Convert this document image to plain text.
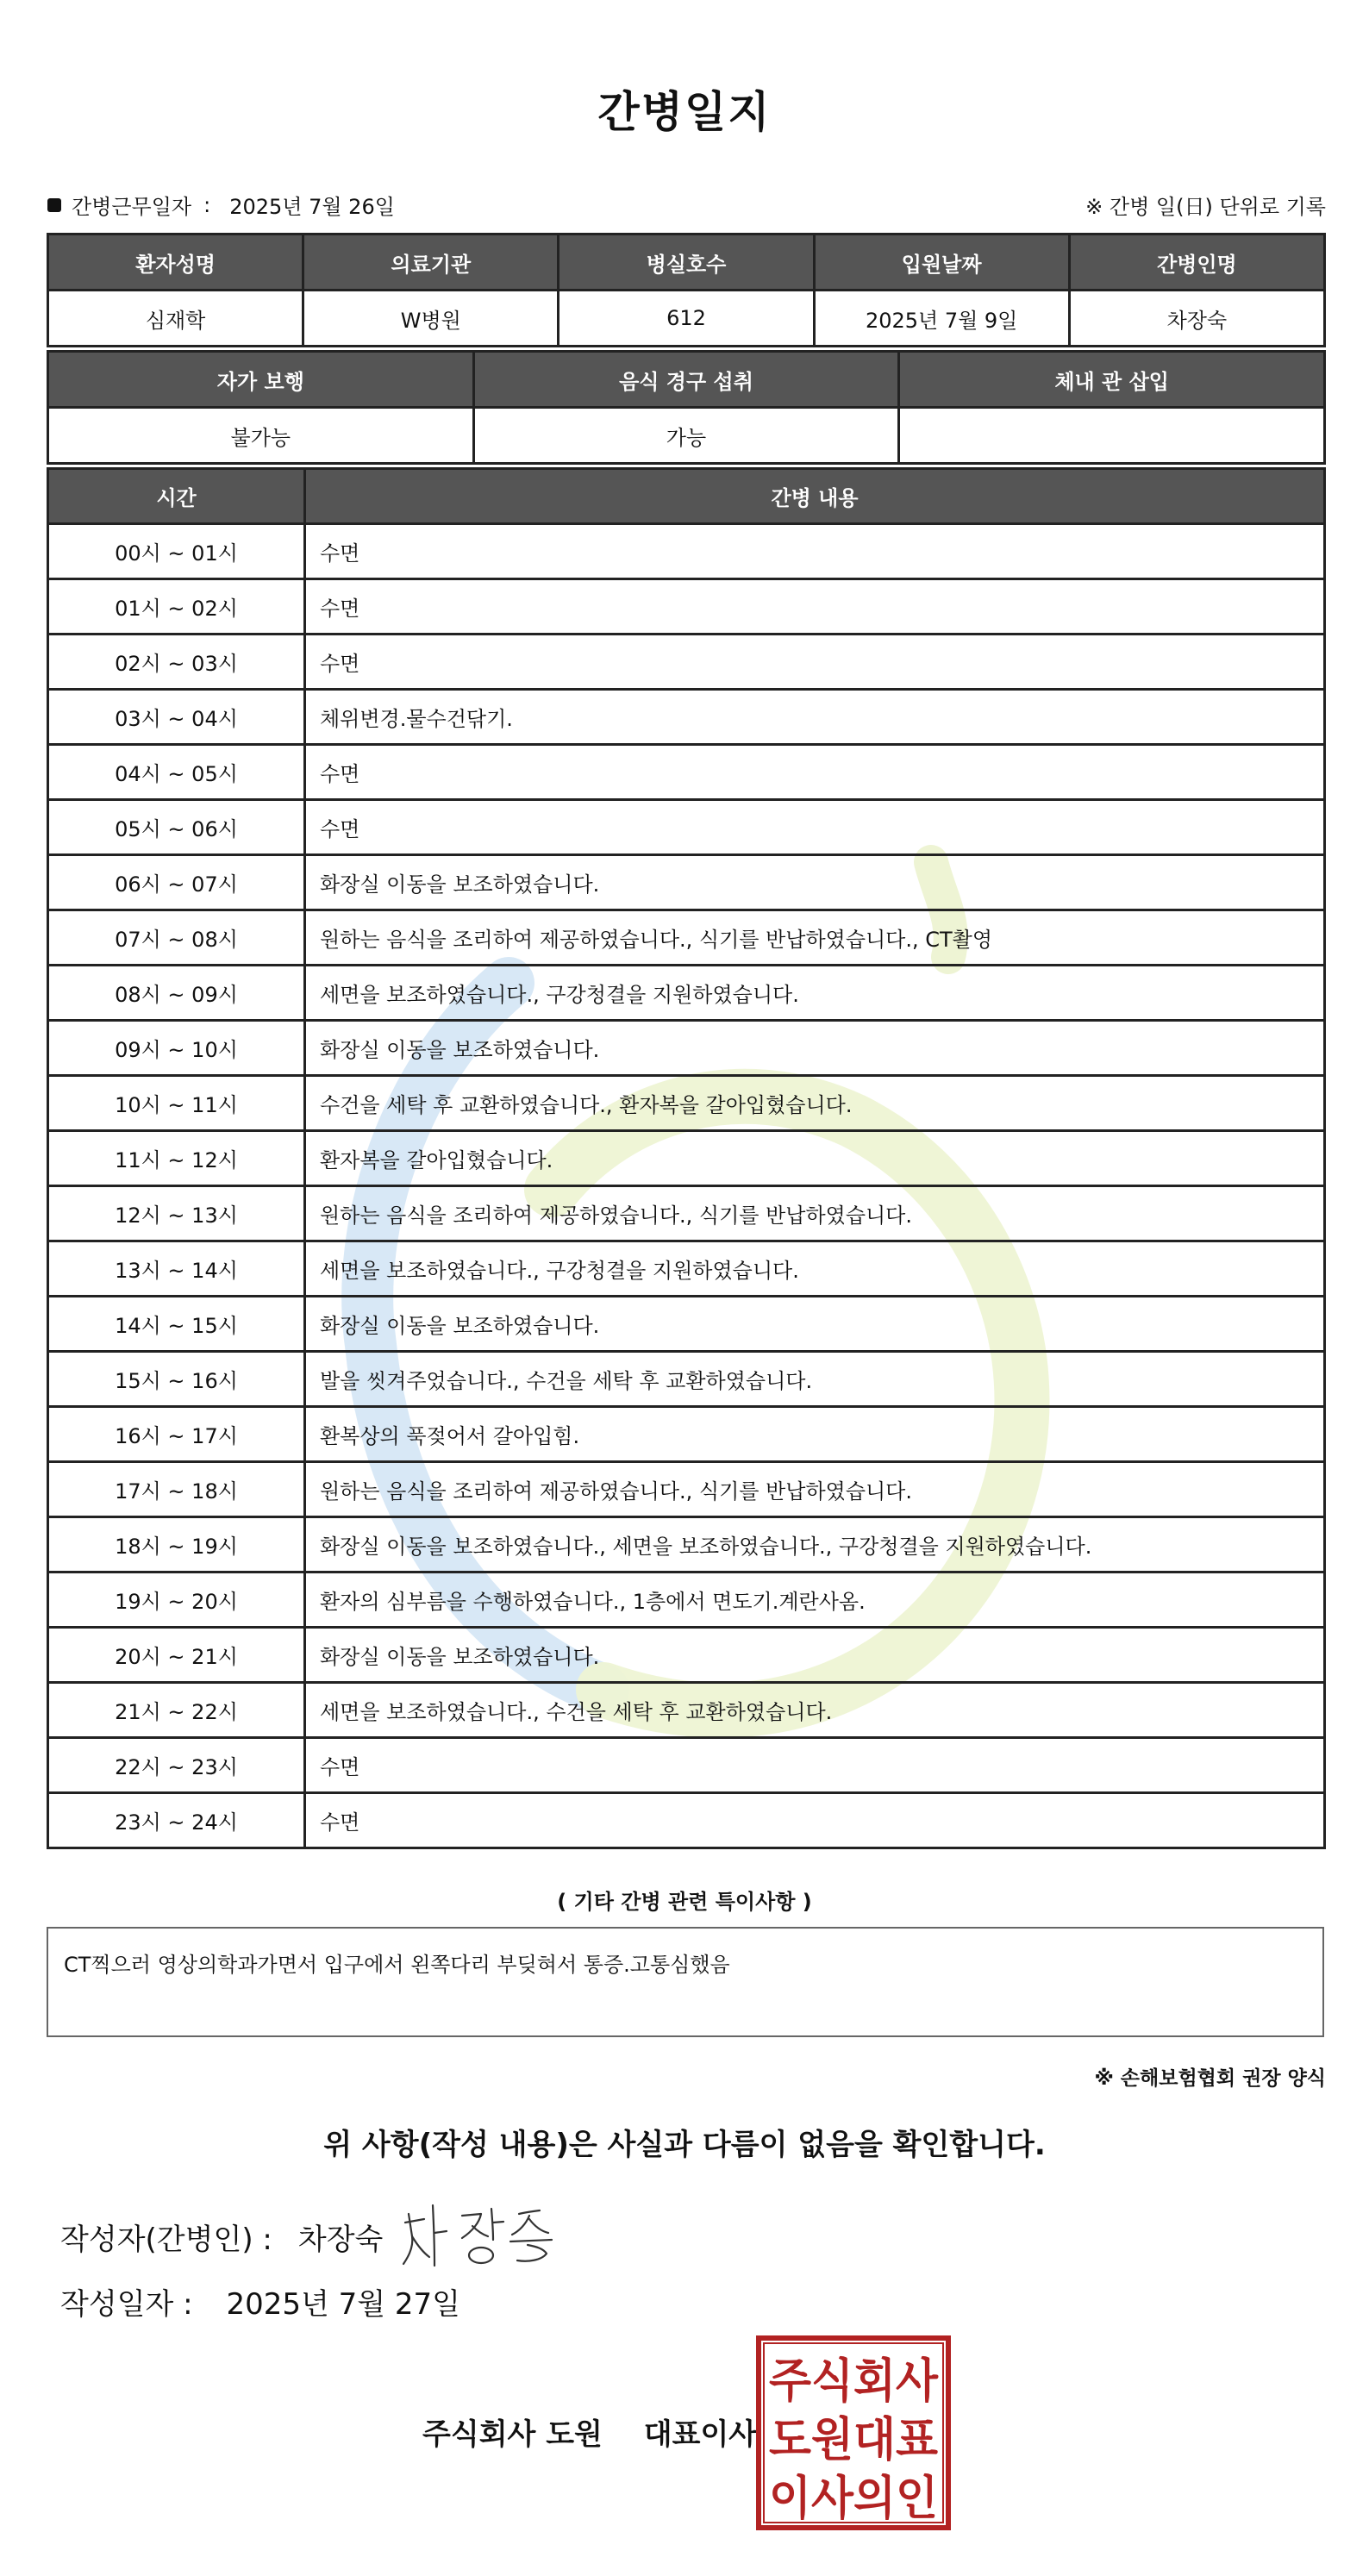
간병일지
간병근무일자 : 2025년 7월 26일	※ 간병 일(日) 단위로 기록
환자성명	의료기관	병실호수	입원날짜	간병인명
심재학	W병원	612	2025년 7월 9일	차장숙
자가 보행	음식 경구 섭취	체내 관 삽입
불가능	가능	
시간	간병 내용
00시 ~ 01시	수면
01시 ~ 02시	수면
02시 ~ 03시	수면
03시 ~ 04시	체위변경.물수건닦기.
04시 ~ 05시	수면
05시 ~ 06시	수면
06시 ~ 07시	화장실 이동을 보조하였습니다.
07시 ~ 08시	원하는 음식을 조리하여 제공하였습니다., 식기를 반납하였습니다., CT촬영
08시 ~ 09시	세면을 보조하였습니다., 구강청결을 지원하였습니다.
09시 ~ 10시	화장실 이동을 보조하였습니다.
10시 ~ 11시	수건을 세탁 후 교환하였습니다., 환자복을 갈아입혔습니다.
11시 ~ 12시	환자복을 갈아입혔습니다.
12시 ~ 13시	원하는 음식을 조리하여 제공하였습니다., 식기를 반납하였습니다.
13시 ~ 14시	세면을 보조하였습니다., 구강청결을 지원하였습니다.
14시 ~ 15시	화장실 이동을 보조하였습니다.
15시 ~ 16시	발을 씻겨주었습니다., 수건을 세탁 후 교환하였습니다.
16시 ~ 17시	환복상의 푹젖어서 갈아입힘.
17시 ~ 18시	원하는 음식을 조리하여 제공하였습니다., 식기를 반납하였습니다.
18시 ~ 19시	화장실 이동을 보조하였습니다., 세면을 보조하였습니다., 구강청결을 지원하였습니다.
19시 ~ 20시	환자의 심부름을 수행하였습니다., 1층에서 면도기.계란사옴.
20시 ~ 21시	화장실 이동을 보조하였습니다.
21시 ~ 22시	세면을 보조하였습니다., 수건을 세탁 후 교환하였습니다.
22시 ~ 23시	수면
23시 ~ 24시	수면
( 기타 간병 관련 특이사항 )
CT찍으러 영상의학과가면서 입구에서 왼쪽다리 부딪혀서 통증.고통심했음
※ 손해보험협회 권장 양식
위 사항(작성 내용)은 사실과 다름이 없음을 확인합니다.
작성자(간병인) : 차장숙
작성일자 : 2025년 7월 27일
주식회사 도원 대표이사
주식회사
도원대표
이사의인
